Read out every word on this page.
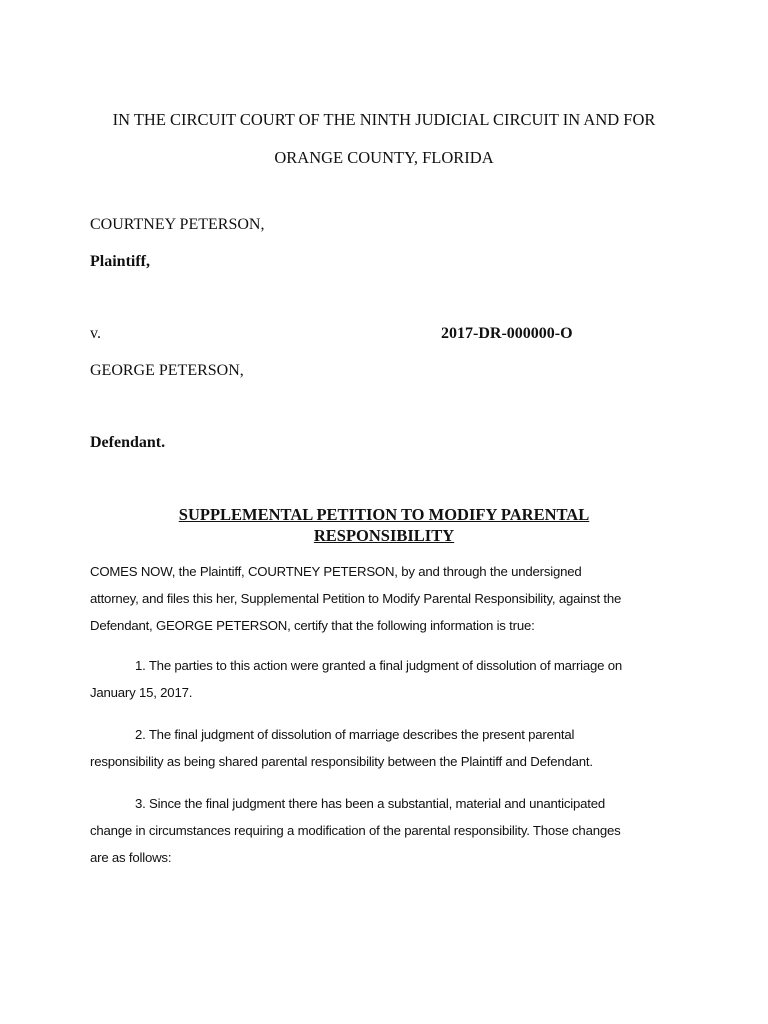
IN THE CIRCUIT COURT OF THE NINTH JUDICIAL CIRCUIT IN AND FOR
ORANGE COUNTY, FLORIDA
COURTNEY PETERSON,
Plaintiff,
v.	2017-DR-000000-O
GEORGE PETERSON,
Defendant.
SUPPLEMENTAL PETITION TO MODIFY PARENTAL
RESPONSIBILITY
COMES NOW, the Plaintiff, COURTNEY PETERSON, by and through the undersigned
attorney, and files this her, Supplemental Petition to Modify Parental Responsibility, against the
Defendant, GEORGE PETERSON, certify that the following information is true:
1. The parties to this action were granted a final judgment of dissolution of marriage on
January 15, 2017.
2. The final judgment of dissolution of marriage describes the present parental
responsibility as being shared parental responsibility between the Plaintiff and Defendant.
3. Since the final judgment there has been a substantial, material and unanticipated
change in circumstances requiring a modification of the parental responsibility. Those changes
are as follows:
